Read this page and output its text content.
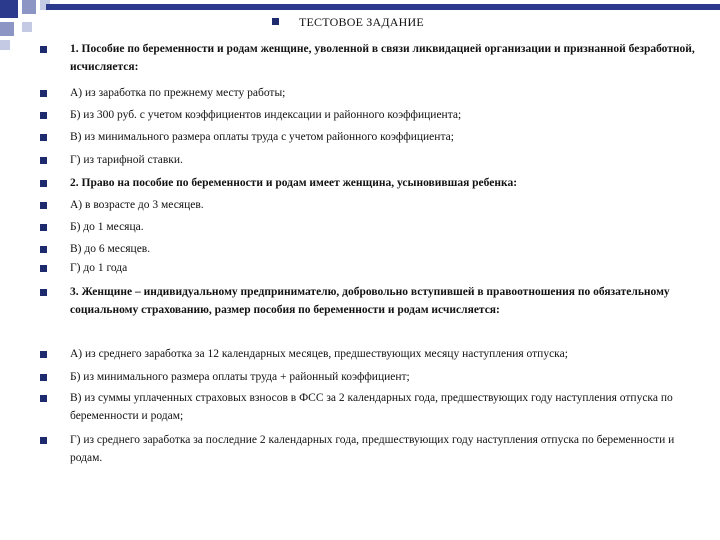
ТЕСТОВОЕ ЗАДАНИЕ
1. Пособие по беременности и родам женщине, уволенной в связи ликвидацией организации и признанной безработной, исчисляется:
А) из заработка по прежнему месту работы;
Б) из 300 руб. с учетом коэффициентов индексации и районного коэффициента;
В) из минимального размера оплаты труда с учетом районного коэффициента;
Г) из тарифной ставки.
2. Право на пособие по беременности и родам имеет женщина, усыновившая ребенка:
А) в возрасте до 3 месяцев.
Б) до 1 месяца.
В) до 6 месяцев.
Г) до 1 года
3. Женщине – индивидуальному предпринимателю, добровольно вступившей в правоотношения по обязательному социальному страхованию, размер пособия по беременности и родам исчисляется:
А) из среднего заработка за 12 календарных месяцев, предшествующих месяцу наступления отпуска;
Б) из минимального размера оплаты труда + районный коэффициент;
В) из суммы уплаченных страховых взносов в ФСС за 2 календарных года, предшествующих году наступления отпуска по беременности и родам;
Г) из среднего заработка за последние 2 календарных года, предшествующих году наступления отпуска по беременности и родам.
